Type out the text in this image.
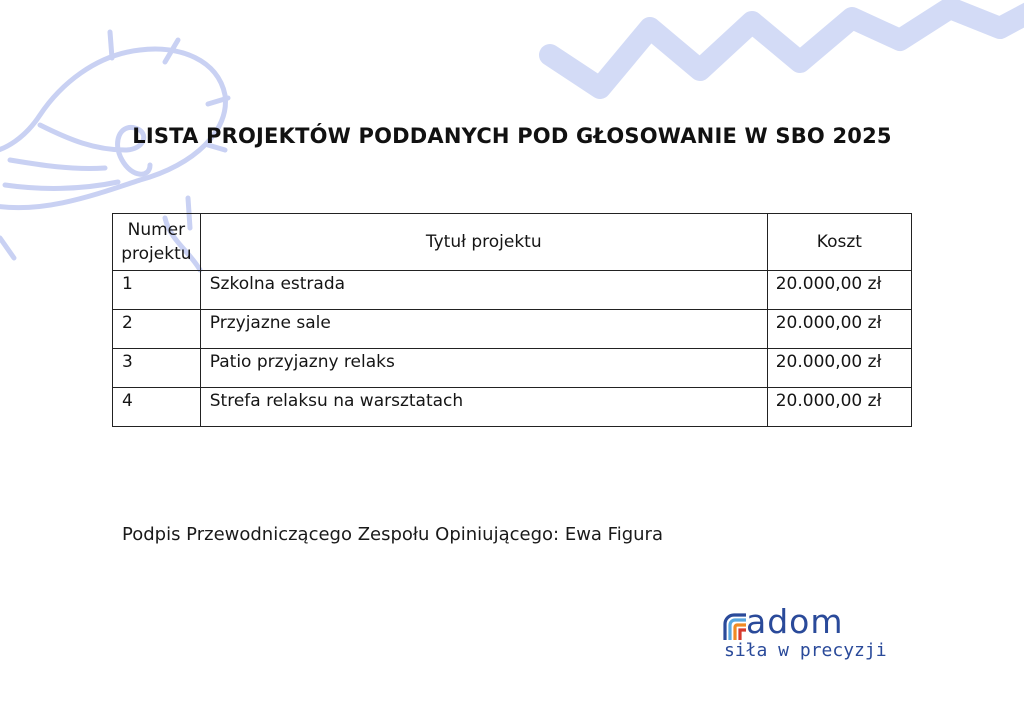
LISTA PROJEKTÓW PODDANYCH POD GŁOSOWANIE W SBO 2025
Numer
projektu	Tytuł projektu	Koszt
1	Szkolna estrada	20.000,00 zł
2	Przyjazne sale	20.000,00 zł
3	Patio przyjazny relaks	20.000,00 zł
4	Strefa relaksu na warsztatach	20.000,00 zł
Podpis Przewodniczącego Zespołu Opiniującego: Ewa Figura
adom
siła w precyzji
